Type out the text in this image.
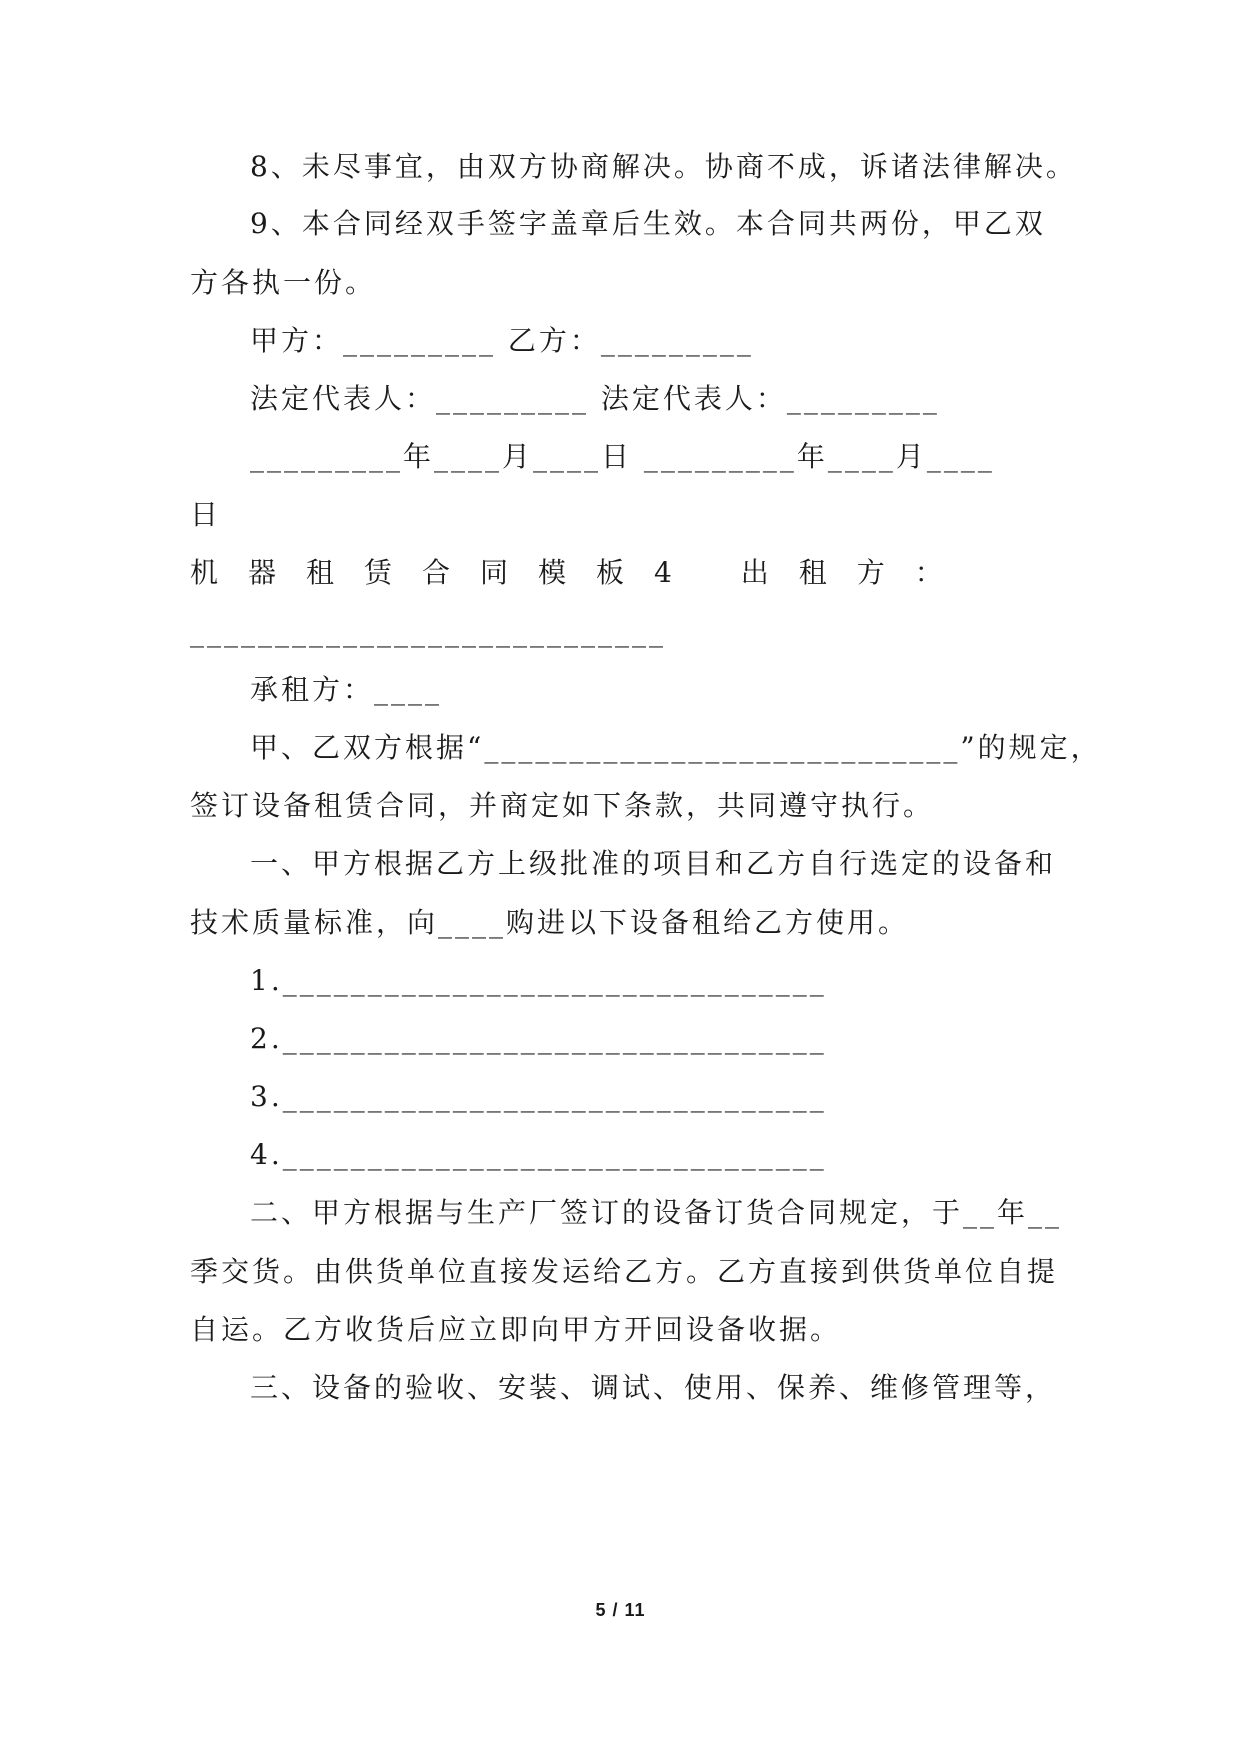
8、未尽事宜，由双方协商解决。协商不成，诉诸法律解决。
9、本合同经双手签字盖章后生效。本合同共两份，甲乙双
方各执一份。
甲方：_________ 乙方：_________
法定代表人：_________ 法定代表人：_________
_________年____月____日 _________年____月____
日
机器租赁合同模板4 出租方：
____________________________
承租方：____
甲、乙双方根据“____________________________”的规定，
签订设备租赁合同，并商定如下条款，共同遵守执行。
一、甲方根据乙方上级批准的项目和乙方自行选定的设备和
技术质量标准，向____购进以下设备租给乙方使用。
1.________________________________
2.________________________________
3.________________________________
4.________________________________
二、甲方根据与生产厂签订的设备订货合同规定，于__年__
季交货。由供货单位直接发运给乙方。乙方直接到供货单位自提
自运。乙方收货后应立即向甲方开回设备收据。
三、设备的验收、安装、调试、使用、保养、维修管理等，
5 / 11
